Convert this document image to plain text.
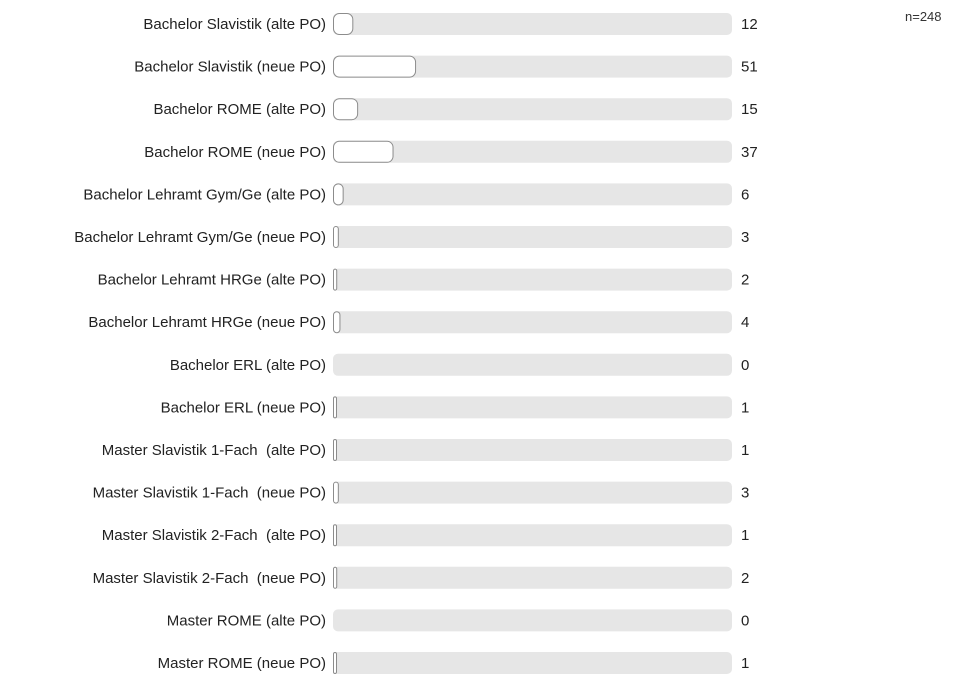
n=248
Bachelor Slavistik (alte PO)	12
Bachelor Slavistik (neue PO)	51
Bachelor ROME (alte PO)	15
Bachelor ROME (neue PO)	37
Bachelor Lehramt Gym/Ge (alte PO)	6
Bachelor Lehramt Gym/Ge (neue PO)	3
Bachelor Lehramt HRGe (alte PO)	2
Bachelor Lehramt HRGe (neue PO)	4
Bachelor ERL (alte PO)	0
Bachelor ERL (neue PO)	1
Master Slavistik 1-Fach  (alte PO)	1
Master Slavistik 1-Fach  (neue PO)	3
Master Slavistik 2-Fach  (alte PO)	1
Master Slavistik 2-Fach  (neue PO)	2
Master ROME (alte PO)	0
Master ROME (neue PO)	1
